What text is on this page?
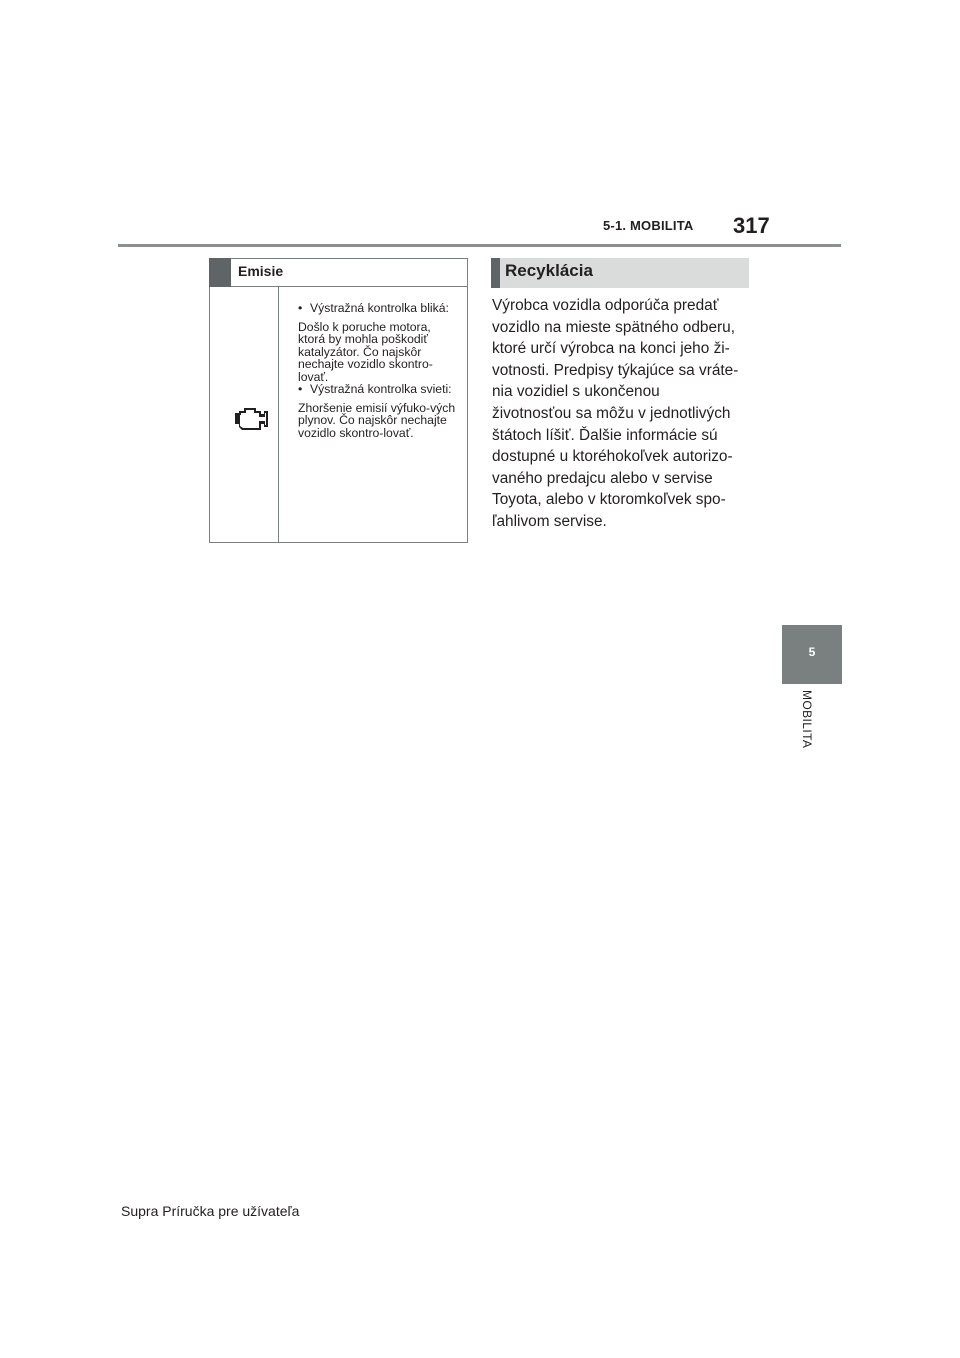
5-1. MOBILITA 317
5
MOBILITA
Emisie

• Výstražná kontrolka bliká:

Došlo k poruche motora, ktorá by mohla poškodiť katalyzátor. Čo najskôr nechajte vozidlo skontro-lovať.

• Výstražná kontrolka svieti:

Zhoršenie emisií výfuko-vých plynov. Čo najskôr nechajte vozidlo skontro-lovať.

Recyklácia
Výrobca vozidla odporúča predať
vozidlo na mieste spätného odberu,
ktoré určí výrobca na konci jeho ži-
votnosti. Predpisy týkajúce sa vráte-
nia vozidiel s ukončenou
životnosťou sa môžu v jednotlivých
štátoch líšiť. Ďalšie informácie sú
dostupné u ktoréhokoľvek autorizo-
vaného predajcu alebo v servise
Toyota, alebo v ktoromkoľvek spo-
ľahlivom servise.
Supra Príručka pre užívateľa
